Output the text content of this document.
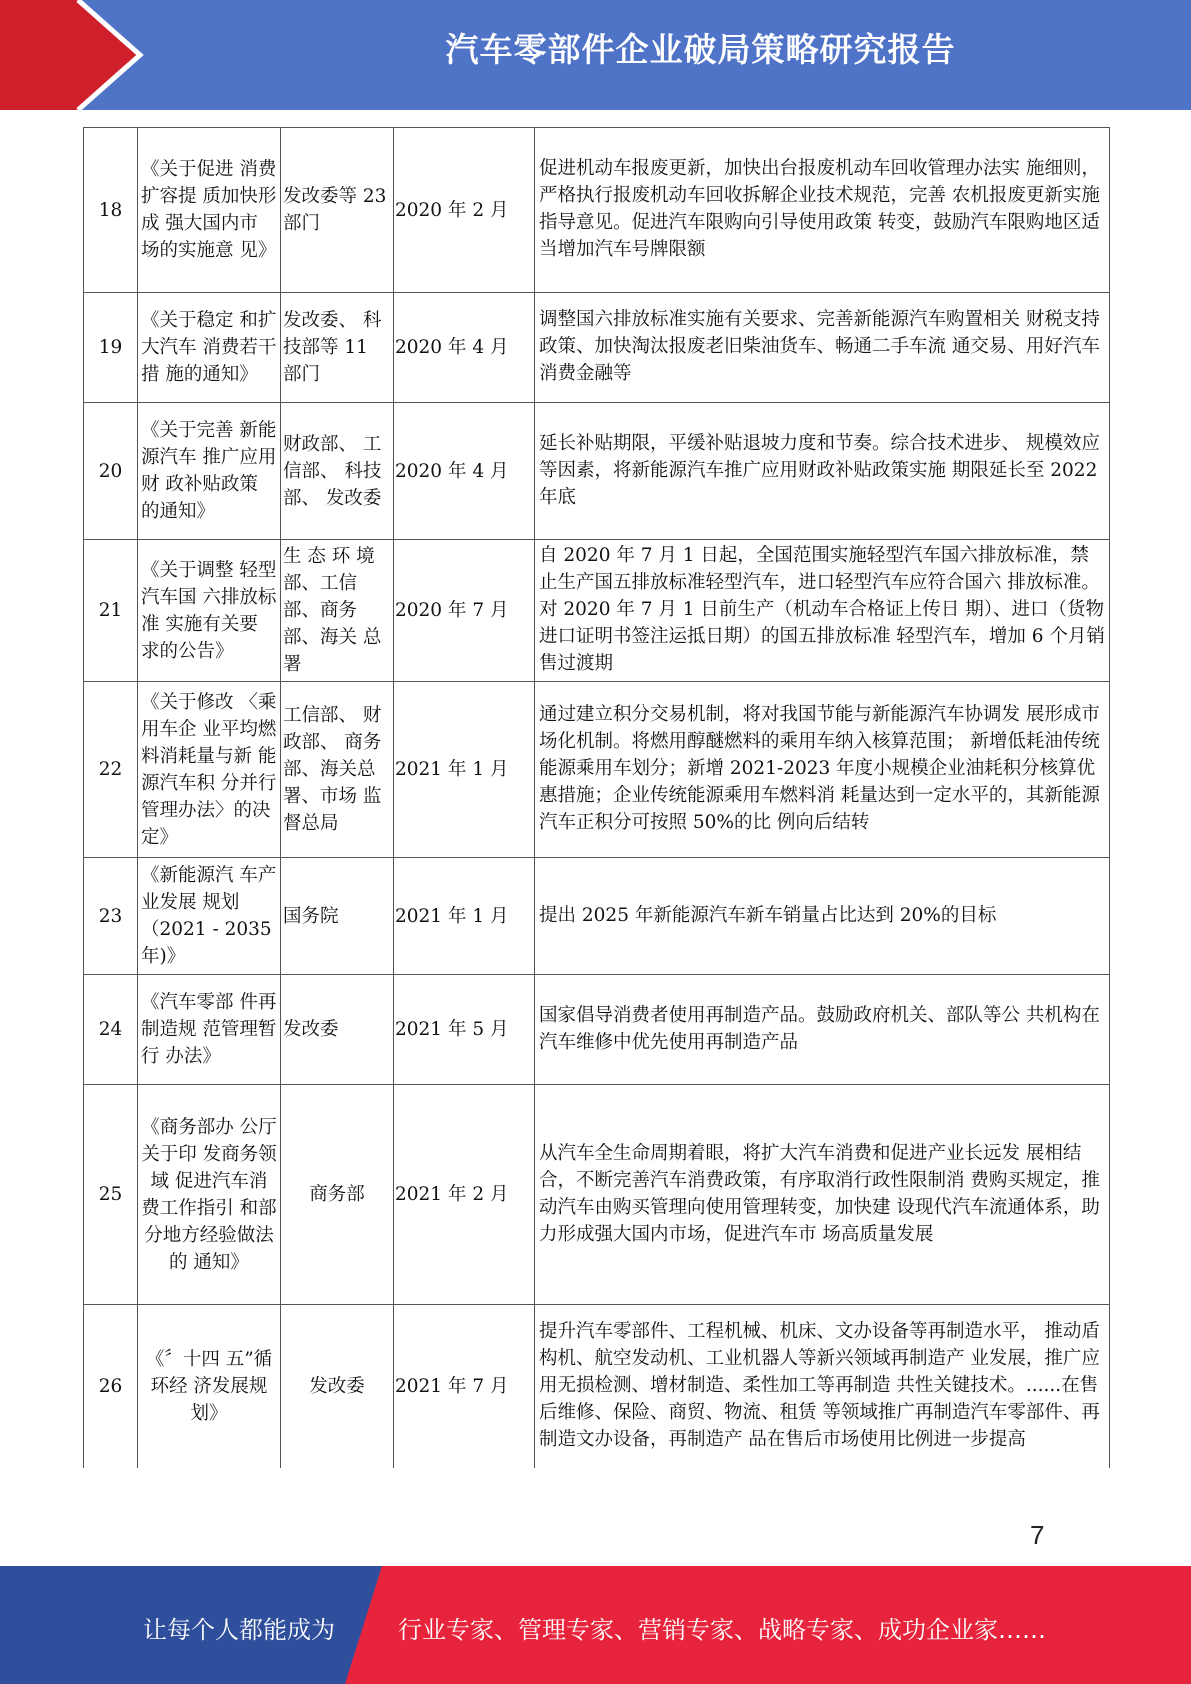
汽车零部件企业破局策略研究报告
18	《关于促进 消费扩容提 质加快形成 强大国内市 场的实施意 见》	发改委等 23 部门	2020 年 2 月	促进机动车报废更新，加快出台报废机动车回收管理办法实 施细则，严格执行报废机动车回收拆解企业技术规范，完善 农机报废更新实施指导意见。促进汽车限购向引导使用政策 转变，鼓励汽车限购地区适当增加汽车号牌限额
19	《关于稳定 和扩大汽车 消费若干措 施的通知》	发改委、 科技部等 11 部门	2020 年 4 月	调整国六排放标准实施有关要求、完善新能源汽车购置相关 财税支持政策、加快淘汰报废老旧柴油货车、畅通二手车流 通交易、用好汽车消费金融等
20	《关于完善 新能源汽车 推广应用财 政补贴政策 的通知》	财政部、 工信部、 科技部、 发改委	2020 年 4 月	延长补贴期限，平缓补贴退坡力度和节奏。综合技术进步、 规模效应等因素，将新能源汽车推广应用财政补贴政策实施 期限延长至 2022 年底
21	《关于调整 轻型汽车国 六排放标准 实施有关要 求的公告》	生 态 环 境部、工信 部、商务 部、海关 总署	2020 年 7 月	自 2020 年 7 月 1 日起，全国范围实施轻型汽车国六排放标准，禁止生产国五排放标准轻型汽车，进口轻型汽车应符合国六 排放标准。对 2020 年 7 月 1 日前生产（机动车合格证上传日 期）、进口（货物进口证明书签注运抵日期）的国五排放标准 轻型汽车，增加 6 个月销售过渡期
22	《关于修改 〈乘用车企 业平均燃料消耗量与新 能源汽车积 分并行管理办法〉的决 定》	工信部、 财政部、 商务部、海关总署、市场 监督总局	2021 年 1 月	通过建立积分交易机制，将对我国节能与新能源汽车协调发 展形成市场化机制。将燃用醇醚燃料的乘用车纳入核算范围； 新增低耗油传统能源乘用车划分；新增 2021-2023 年度小规模企业油耗积分核算优惠措施；企业传统能源乘用车燃料消 耗量达到一定水平的，其新能源汽车正积分可按照 50%的比 例向后结转
23	《新能源汽 车产业发展 规划（2021 - 2035 年)》	国务院	2021 年 1 月	提出 2025 年新能源汽车新车销量占比达到 20%的目标
24	《汽车零部 件再制造规 范管理暂行 办法》	发改委	2021 年 5 月	国家倡导消费者使用再制造产品。鼓励政府机关、部队等公 共机构在汽车维修中优先使用再制造产品
25	《商务部办 公厅关于印 发商务领域 促进汽车消 费工作指引 和部分地方经验做法的 通知》	商务部	2021 年 2 月	从汽车全生命周期着眼，将扩大汽车消费和促进产业长远发 展相结合，不断完善汽车消费政策，有序取消行政性限制消 费购买规定，推动汽车由购买管理向使用管理转变，加快建 设现代汽车流通体系，助力形成强大国内市场，促进汽车市 场高质量发展
26	《〞十四 五”循环经 济发展规划》	发改委	2021 年 7 月	提升汽车零部件、工程机械、机床、文办设备等再制造水平， 推动盾构机、航空发动机、工业机器人等新兴领域再制造产 业发展，推广应用无损检测、增材制造、柔性加工等再制造 共性关键技术。......在售后维修、保险、商贸、物流、租赁 等领域推广再制造汽车零部件、再制造文办设备，再制造产 品在售后市场使用比例进一步提高
7
让每个人都能成为	行业专家、管理专家、营销专家、战略专家、成功企业家……
